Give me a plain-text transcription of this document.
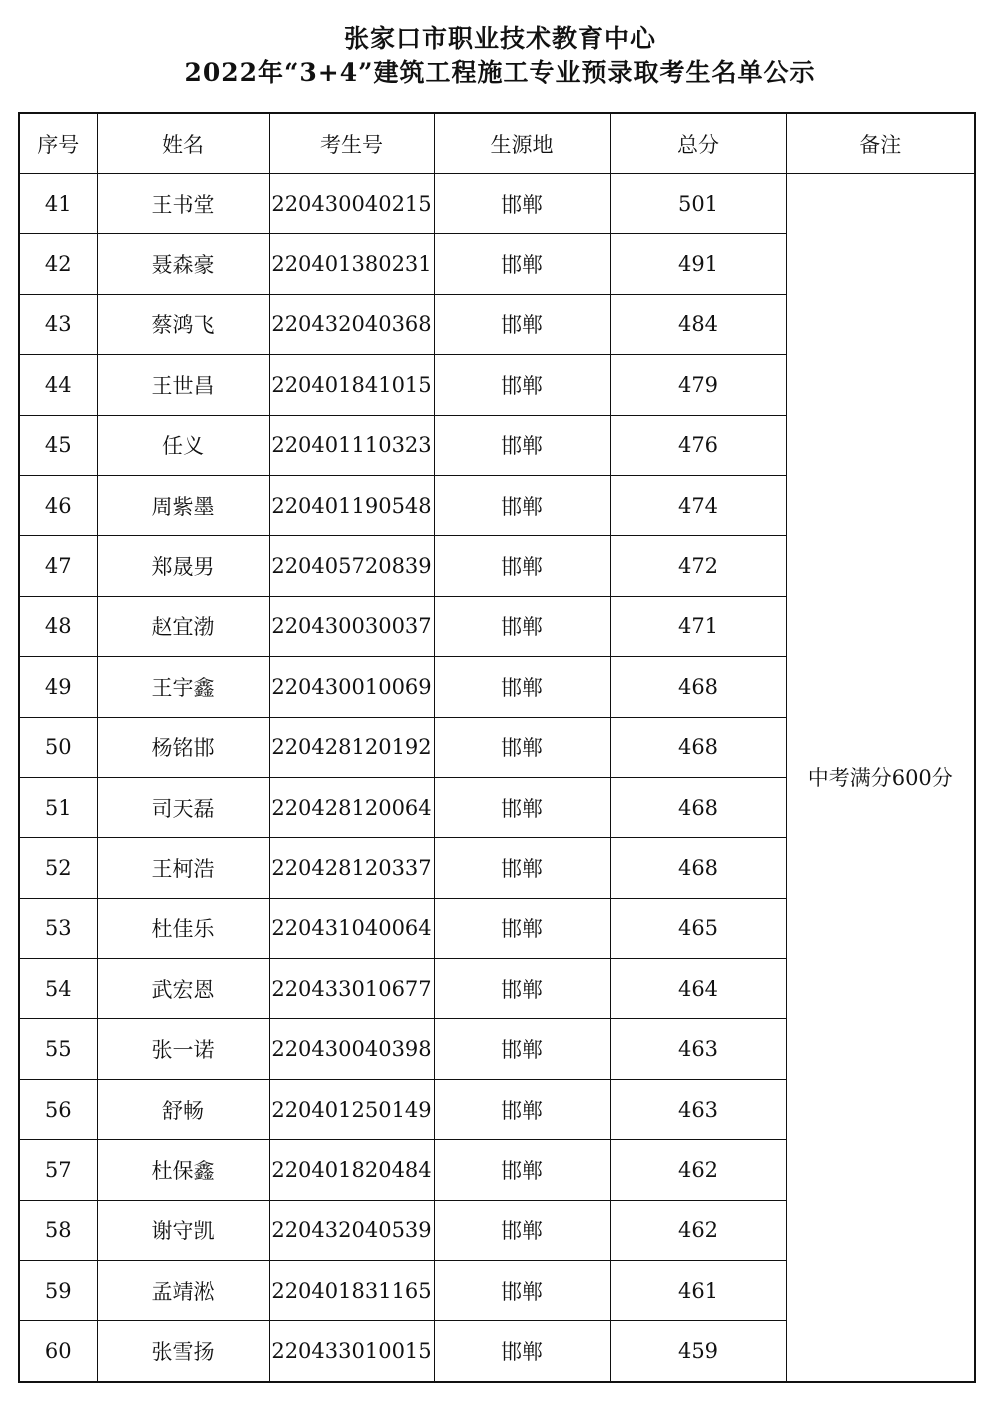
张家口市职业技术教育中心
2022年“3+4”建筑工程施工专业预录取考生名单公示
序号	姓名	考生号	生源地	总分	备注
41	王书堂	220430040215	邯郸	501	中考满分600分
42	聂森豪	220401380231	邯郸	491	
43	蔡鸿飞	220432040368	邯郸	484	
44	王世昌	220401841015	邯郸	479	
45	任义	220401110323	邯郸	476	
46	周紫墨	220401190548	邯郸	474	
47	郑晟男	220405720839	邯郸	472	
48	赵宜渤	220430030037	邯郸	471	
49	王宇鑫	220430010069	邯郸	468	
50	杨铭邯	220428120192	邯郸	468	
51	司天磊	220428120064	邯郸	468	
52	王柯浩	220428120337	邯郸	468	
53	杜佳乐	220431040064	邯郸	465	
54	武宏恩	220433010677	邯郸	464	
55	张一诺	220430040398	邯郸	463	
56	舒畅	220401250149	邯郸	463	
57	杜保鑫	220401820484	邯郸	462	
58	谢守凯	220432040539	邯郸	462	
59	孟靖淞	220401831165	邯郸	461	
60	张雪扬	220433010015	邯郸	459	
